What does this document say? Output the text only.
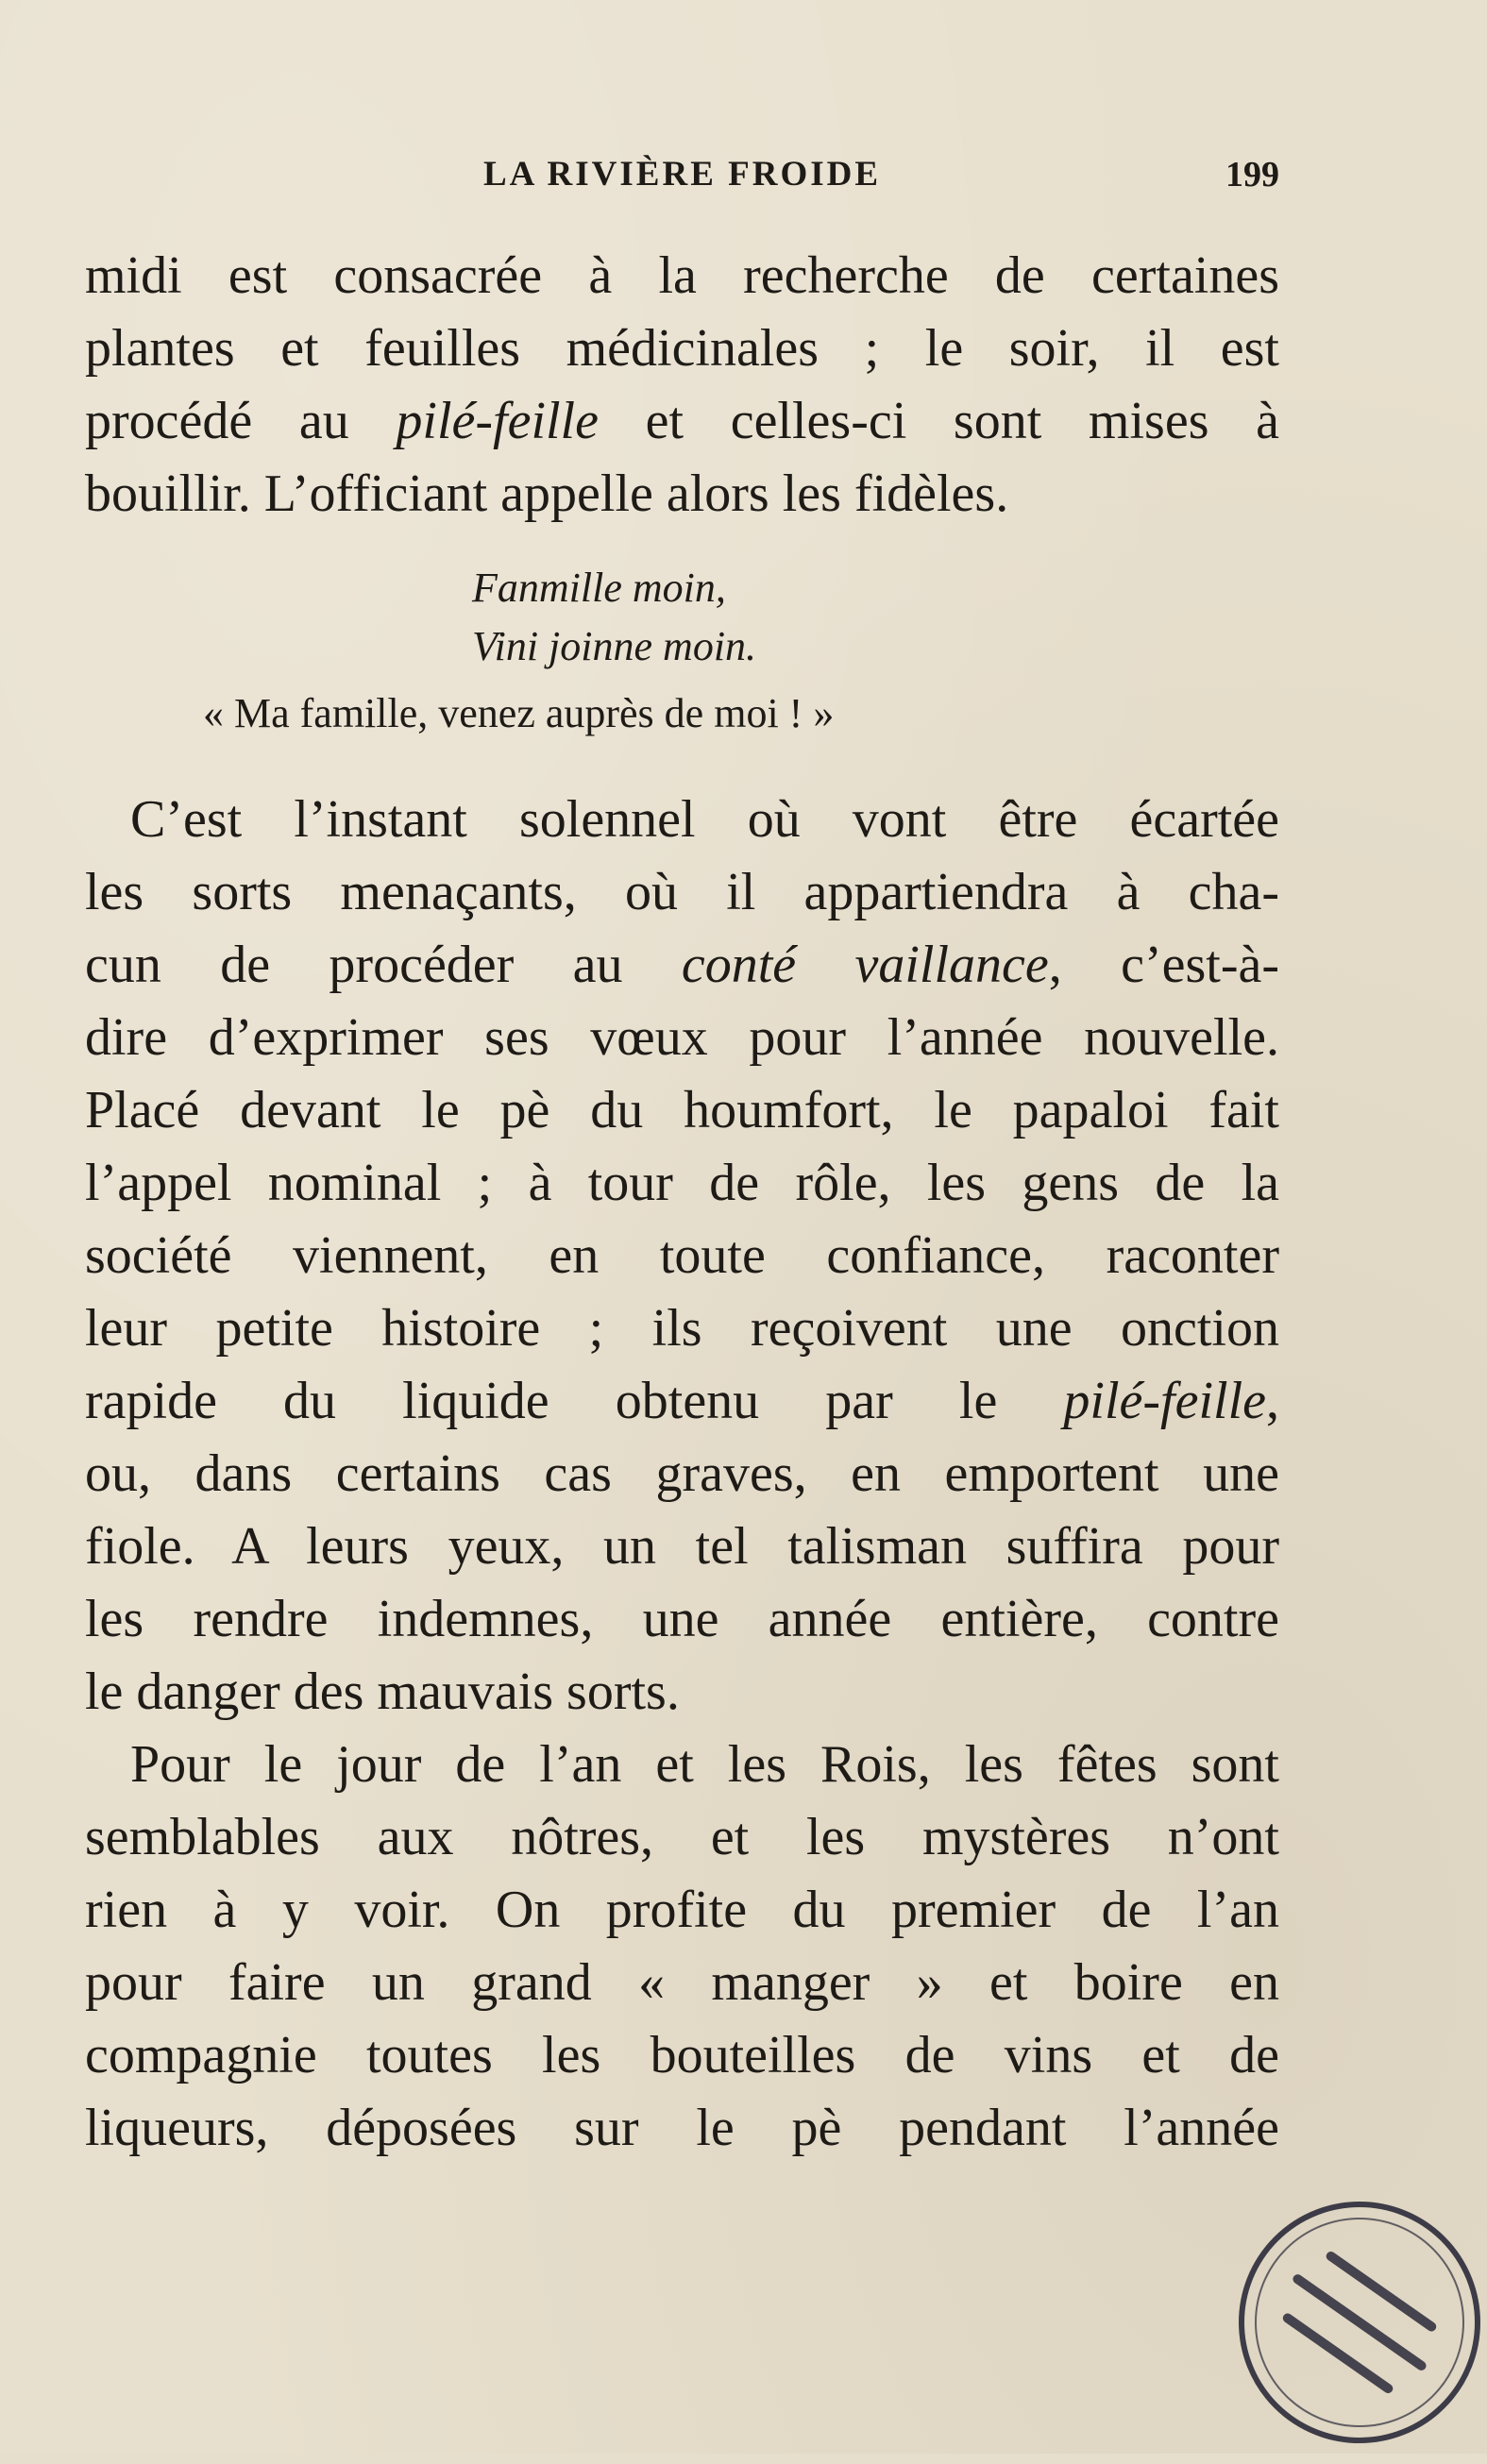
LA RIVIÈRE FROIDE	199

midi est consacrée à la recherche de certaines
plantes et feuilles médicinales ; le soir, il est
procédé au pilé-feille et celles-ci sont mises à
bouillir. L’officiant appelle alors les fidèles.

Fanmille moin,

Vini joinne moin.

« Ma famille, venez auprès de moi ! »

C’est l’instant solennel où vont être écartée

les sorts menaçants, où il appartiendra à cha-
cun de procéder au conté vaillance, c’est-à-
dire d’exprimer ses vœux pour l’année nouvelle.
Placé devant le pè du houmfort, le papaloi fait
l’appel nominal ; à tour de rôle, les gens de la
société viennent, en toute confiance, raconter
leur petite histoire ; ils reçoivent une onction
rapide du liquide obtenu par le pilé-feille,
ou, dans certains cas graves, en emportent une
fiole. A leurs yeux, un tel talisman suffira pour
les rendre indemnes, une année entière, contre
le danger des mauvais sorts.

Pour le jour de l’an et les Rois, les fêtes sont

semblables aux nôtres, et les mystères n’ont
rien à y voir. On profite du premier de l’an
pour faire un grand « manger » et boire en
compagnie toutes les bouteilles de vins et de
liqueurs, déposées sur le pè pendant l’année
